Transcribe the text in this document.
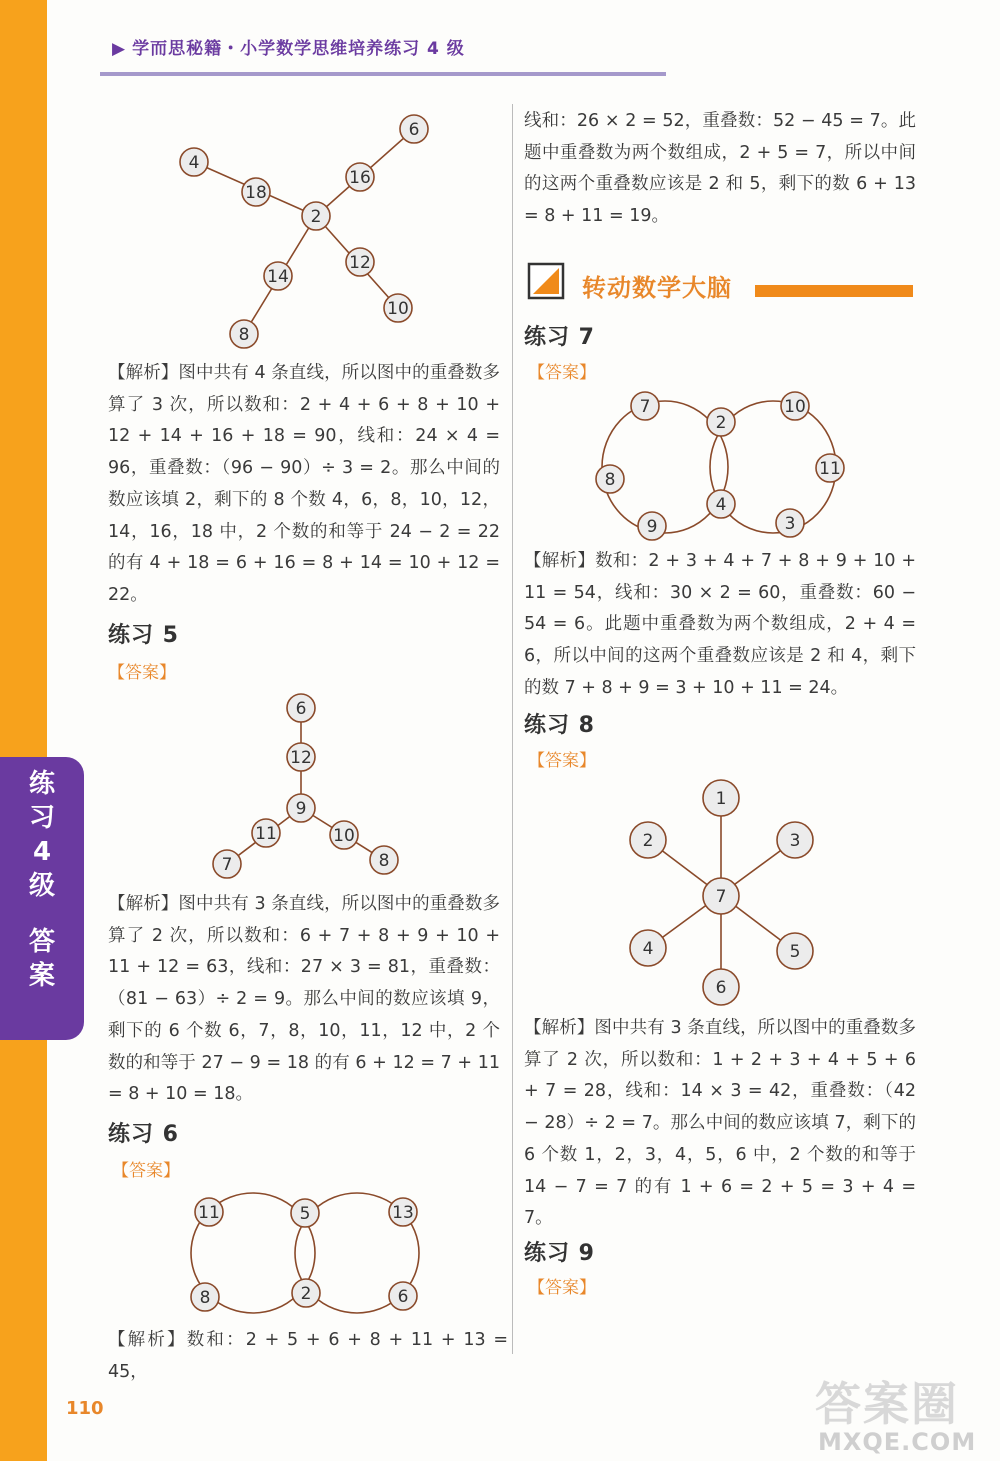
练
习
4
级
答
案
▶ 学而思秘籍・小学数学思维培养练习 4 级
6
4
18
16
2
14
12
10
8
【解析】图中共有 4 条直线，所以图中的重叠数多算了 3 次，所以数和：2 + 4 + 6 + 8 + 10 + 12 + 14 + 16 + 18 = 90，线和：24 × 4 = 96，重叠数：（96 − 90）÷ 3 = 2。那么中间的数应该填 2，剩下的 8 个数 4，6，8，10，12，14，16，18 中，2 个数的和等于 24 − 2 = 22 的有 4 + 18 = 6 + 16 = 8 + 14 = 10 + 12 = 22。
练习 5
【答案】
6
12
9
11	10
7	8
【解析】图中共有 3 条直线，所以图中的重叠数多算了 2 次，所以数和：6 + 7 + 8 + 9 + 10 + 11 + 12 = 63，线和：27 × 3 = 81，重叠数：（81 − 63）÷ 2 = 9。那么中间的数应该填 9，剩下的 6 个数 6，7，8，10，11，12 中，2 个数的和等于 27 − 9 = 18 的有 6 + 12 = 7 + 11 = 8 + 10 = 18。
练习 6
【答案】
11	5	13
8	2	6
【解析】数和：2 + 5 + 6 + 8 + 11 + 13 = 45，
110
线和：26 × 2 = 52，重叠数：52 − 45 = 7。此题中重叠数为两个数组成，2 + 5 = 7，所以中间的这两个重叠数应该是 2 和 5，剩下的数 6 + 13 = 8 + 11 = 19。
转动数学大脑
练习 7
【答案】
7
2
10
8
11
4
9	3
【解析】数和：2 + 3 + 4 + 7 + 8 + 9 + 10 + 11 = 54，线和：30 × 2 = 60，重叠数：60 − 54 = 6。此题中重叠数为两个数组成，2 + 4 = 6，所以中间的这两个重叠数应该是 2 和 4，剩下的数 7 + 8 + 9 = 3 + 10 + 11 = 24。
练习 8
【答案】
1
2	3
7
4	5
6
【解析】图中共有 3 条直线，所以图中的重叠数多算了 2 次，所以数和：1 + 2 + 3 + 4 + 5 + 6 + 7 = 28，线和：14 × 3 = 42，重叠数：（42 − 28）÷ 2 = 7。那么中间的数应该填 7，剩下的 6 个数 1，2，3，4，5，6 中，2 个数的和等于 14 − 7 = 7 的有 1 + 6 = 2 + 5 = 3 + 4 = 7。
练习 9
【答案】
答案圈
MXQE.COM
